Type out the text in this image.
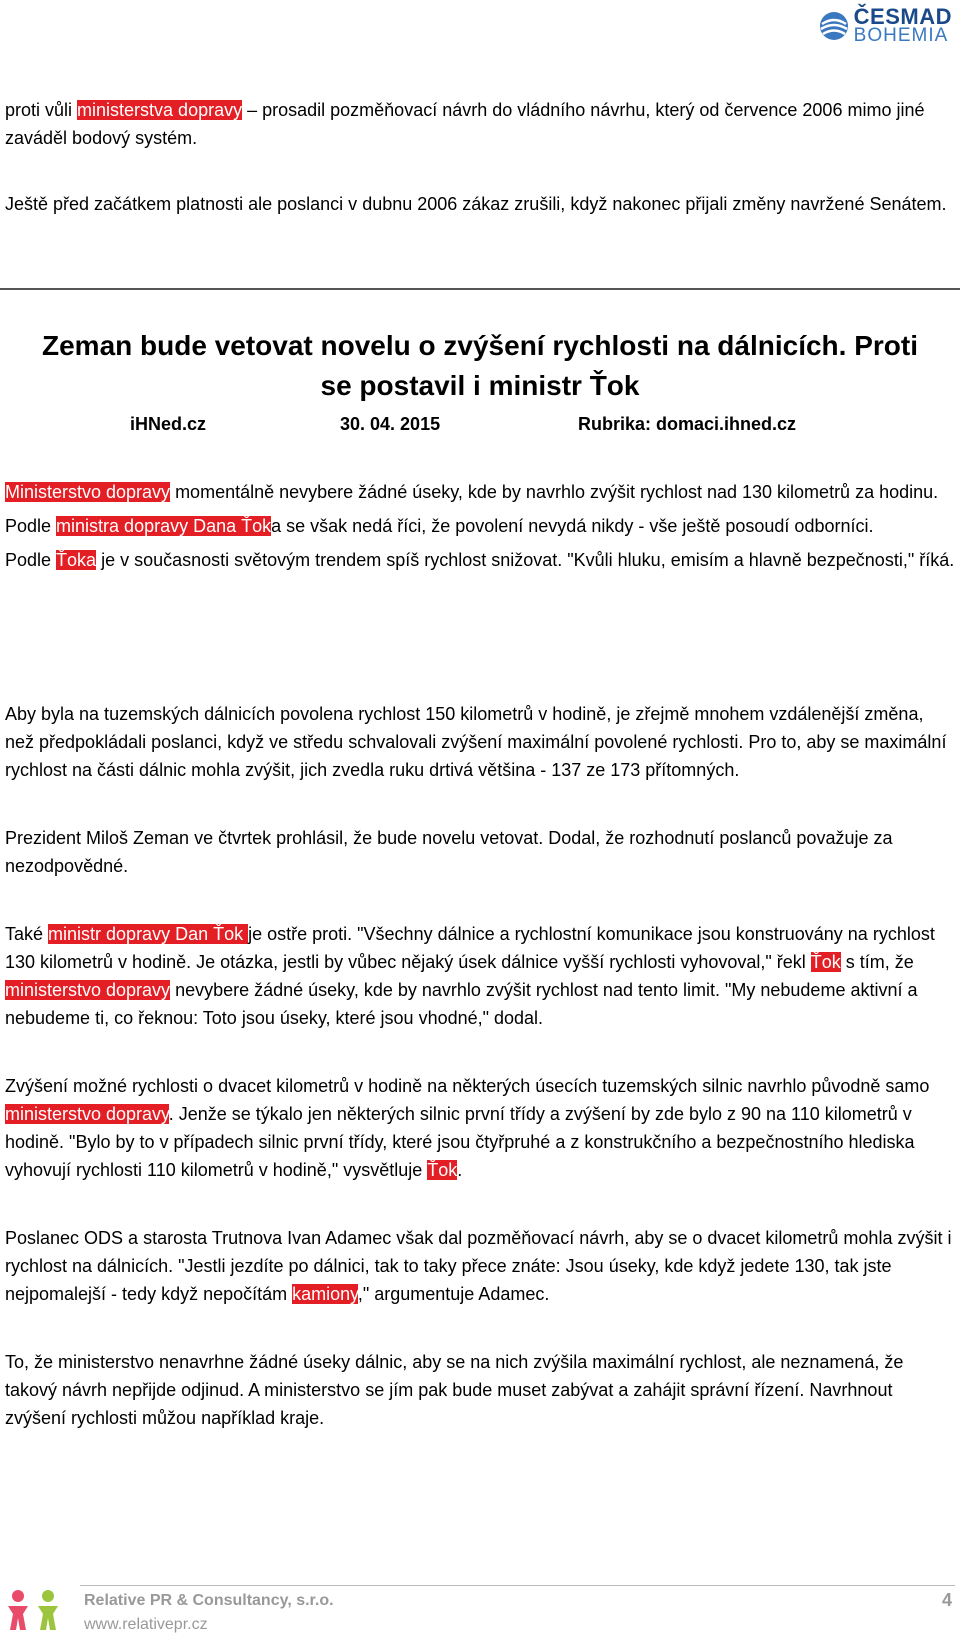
ČESMAD
BOHEMIA

proti vůli ministerstva dopravy – prosadil pozměňovací návrh do vládního návrhu, který od července 2006 mimo jiné zaváděl bodový systém.

Ještě před začátkem platnosti ale poslanci v dubnu 2006 zákaz zrušili, když nakonec přijali změny navržené Senátem.

Zeman bude vetovat novelu o zvýšení rychlosti na dálnicích. Proti se postavil i ministr Ťok
iHNed.cz	30. 04. 2015	Rubrika: domaci.ihned.cz

Ministerstvo dopravy momentálně nevybere žádné úseky, kde by navrhlo zvýšit rychlost nad 130 kilometrů za hodinu.

Podle ministra dopravy Dana Ťoka se však nedá říci, že povolení nevydá nikdy - vše ještě posoudí odborníci.

Podle Ťoka je v současnosti světovým trendem spíš rychlost snižovat. "Kvůli hluku, emisím a hlavně bezpečnosti," říká.

Aby byla na tuzemských dálnicích povolena rychlost 150 kilometrů v hodině, je zřejmě mnohem vzdálenější změna, než předpokládali poslanci, když ve středu schvalovali zvýšení maximální povolené rychlosti. Pro to, aby se maximální rychlost na části dálnic mohla zvýšit, jich zvedla ruku drtivá většina - 137 ze 173 přítomných.

Prezident Miloš Zeman ve čtvrtek prohlásil, že bude novelu vetovat. Dodal, že rozhodnutí poslanců považuje za nezodpovědné.

Také ministr dopravy Dan Ťok je ostře proti. "Všechny dálnice a rychlostní komunikace jsou konstruovány na rychlost 130 kilometrů v hodině. Je otázka, jestli by vůbec nějaký úsek dálnice vyšší rychlosti vyhovoval," řekl Ťok s tím, že ministerstvo dopravy nevybere žádné úseky, kde by navrhlo zvýšit rychlost nad tento limit. "My nebudeme aktivní a nebudeme ti, co řeknou: Toto jsou úseky, které jsou vhodné," dodal.

Zvýšení možné rychlosti o dvacet kilometrů v hodině na některých úsecích tuzemských silnic navrhlo původně samo ministerstvo dopravy. Jenže se týkalo jen některých silnic první třídy a zvýšení by zde bylo z 90 na 110 kilometrů v hodině. "Bylo by to v případech silnic první třídy, které jsou čtyřpruhé a z konstrukčního a bezpečnostního hlediska vyhovují rychlosti 110 kilometrů v hodině," vysvětluje Ťok.

Poslanec ODS a starosta Trutnova Ivan Adamec však dal pozměňovací návrh, aby se o dvacet kilometrů mohla zvýšit i rychlost na dálnicích. "Jestli jezdíte po dálnici, tak to taky přece znáte: Jsou úseky, kde když jedete 130, tak jste nejpomalejší - tedy když nepočítám kamiony," argumentuje Adamec.

To, že ministerstvo nenavrhne žádné úseky dálnic, aby se na nich zvýšila maximální rychlost, ale neznamená, že takový návrh nepřijde odjinud. A ministerstvo se jím pak bude muset zabývat a zahájit správní řízení. Navrhnout zvýšení rychlosti můžou například kraje.

Relative PR & Consultancy, s.r.o.
www.relativepr.cz
4
